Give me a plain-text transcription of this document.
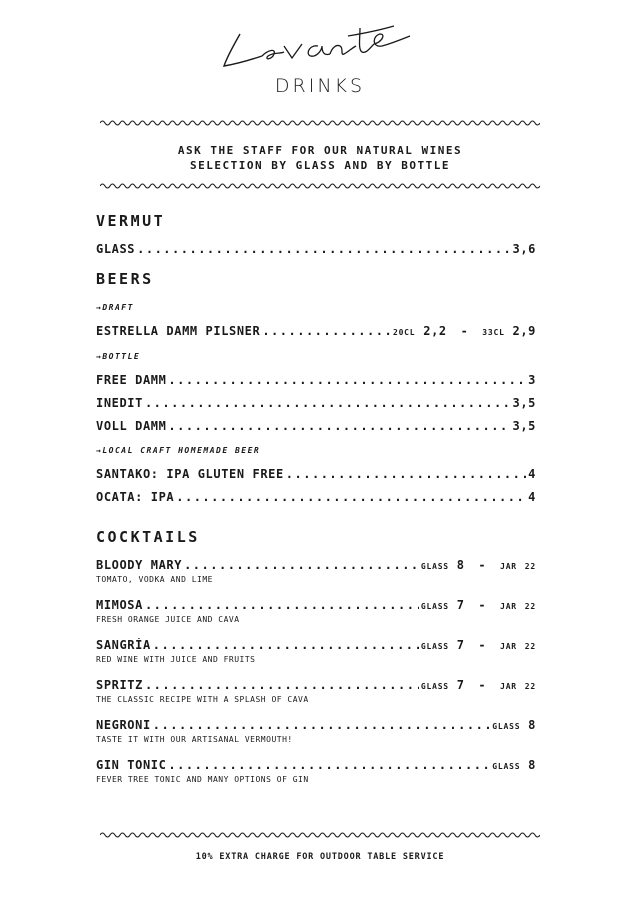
DRINKS
ASK THE STAFF FOR OUR NATURAL WINES
SELECTION BY GLASS AND BY BOTTLE
VERMUT
GLASS .....	3,6
BEERS
→DRAFT
ESTRELLA DAMM PILSNER .....	20CL 2,2 - 33CL 2,9
→BOTTLE
FREE DAMM .....	3
INEDIT .....	3,5
VOLL DAMM .....	3,5
→LOCAL CRAFT HOMEMADE BEER
SANTAKO: IPA GLUTEN FREE .....	4
OCATA: IPA .....	4
COCKTAILS
BLOODY MARY .....	GLASS 8 - JAR 22
TOMATO, VODKA AND LIME
MIMOSA .....	GLASS 7 - JAR 22
FRESH ORANGE JUICE AND CAVA
SANGRÍA .....	GLASS 7 - JAR 22
RED WINE WITH JUICE AND FRUITS
SPRITZ .....	GLASS 7 - JAR 22
THE CLASSIC RECIPE WITH A SPLASH OF CAVA
NEGRONI .....	GLASS 8
TASTE IT WITH OUR ARTISANAL VERMOUTH!
GIN TONIC .....	GLASS 8
FEVER TREE TONIC AND MANY OPTIONS OF GIN
10% EXTRA CHARGE FOR OUTDOOR TABLE SERVICE
